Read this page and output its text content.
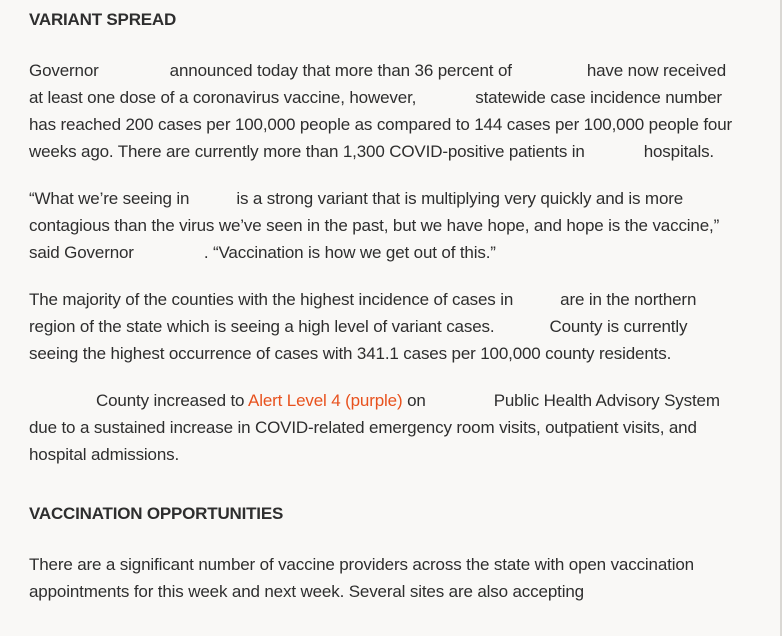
VARIANT SPREAD

Governor	announced today that more than 36 percent of	have now received at least one dose of a coronavirus vaccine, however,	statewide case incidence number has reached 200 cases per 100,000 people as compared to 144 cases per 100,000 people four weeks ago. There are currently more than 1,300 COVID-positive patients in	hospitals.

“What we’re seeing in	is a strong variant that is multiplying very quickly and is more contagious than the virus we’ve seen in the past, but we have hope, and hope is the vaccine,” said Governor	. “Vaccination is how we get out of this.”

The majority of the counties with the highest incidence of cases in	are in the northern region of the state which is seeing a high level of variant cases.	County is currently seeing the highest occurrence of cases with 341.1 cases per 100,000 county residents.

County increased to Alert Level 4 (purple) on	Public Health Advisory System due to a sustained increase in COVID-related emergency room visits, outpatient visits, and hospital admissions.

VACCINATION OPPORTUNITIES

There are a significant number of vaccine providers across the state with open vaccination appointments for this week and next week. Several sites are also accepting
